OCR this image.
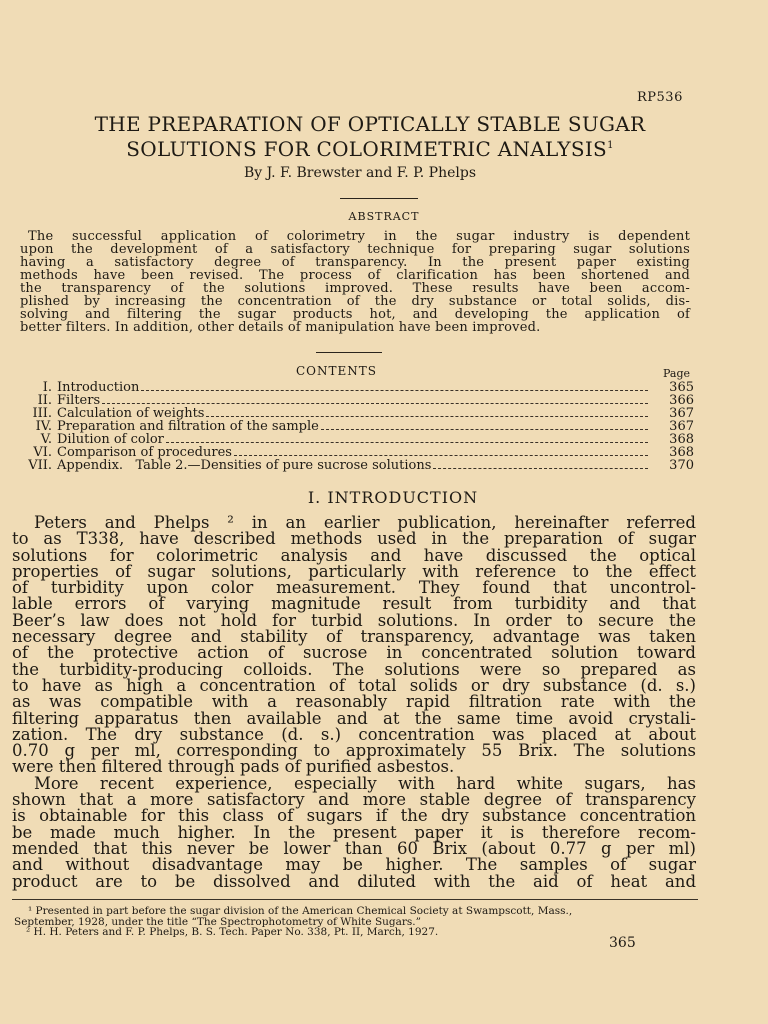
RP536
THE PREPARATION OF OPTICALLY STABLE SUGAR
SOLUTIONS FOR COLORIMETRIC ANALYSIS$^1$
By J. F. Brewster and F. P. Phelps
ABSTRACT
The successful application of colorimetry in the sugar industry is dependent
upon the development of a satisfactory technique for preparing sugar solutions
having a satisfactory degree of transparency. In the present paper existing
methods have been revised. The process of clarification has been shortened and
the transparency of the solutions improved. These results have been accom-
plished by increasing the concentration of the dry substance or total solids, dis-
solving and filtering the sugar products hot, and developing the application of
better filters. In addition, other details of manipulation have been improved.
CONTENTS	Page
I. Introduction	365
II. Filters	366
III. Calculation of weights	367
IV. Preparation and filtration of the sample	367
V. Dilution of color	368
VI. Comparison of procedures	368
VII. Appendix.   Table 2.—Densities of pure sucrose solutions	370
I. INTRODUCTION
Peters and Phelps ² in an earlier publication, hereinafter referred
to as T338, have described methods used in the preparation of sugar
solutions for colorimetric analysis and have discussed the optical
properties of sugar solutions, particularly with reference to the effect
of turbidity upon color measurement. They found that uncontrol-
lable errors of varying magnitude result from turbidity and that
Beer’s law does not hold for turbid solutions. In order to secure the
necessary degree and stability of transparency, advantage was taken
of the protective action of sucrose in concentrated solution toward
the turbidity-producing colloids. The solutions were so prepared as
to have as high a concentration of total solids or dry substance (d. s.)
as was compatible with a reasonably rapid filtration rate with the
filtering apparatus then available and at the same time avoid crystali-
zation. The dry substance (d. s.) concentration was placed at about
0.70 g per ml, corresponding to approximately 55 Brix. The solutions
were then filtered through pads of purified asbestos.
More recent experience, especially with hard white sugars, has
shown that a more satisfactory and more stable degree of transparency
is obtainable for this class of sugars if the dry substance concentration
be made much higher. In the present paper it is therefore recom-
mended that this never be lower than 60 Brix (about 0.77 g per ml)
and without disadvantage may be higher. The samples of sugar
product are to be dissolved and diluted with the aid of heat and
¹ Presented in part before the sugar division of the American Chemical Society at Swampscott, Mass.,
September, 1928, under the title “The Spectrophotometry of White Sugars.”
² H. H. Peters and F. P. Phelps, B. S. Tech. Paper No. 338, Pt. II, March, 1927.
365
